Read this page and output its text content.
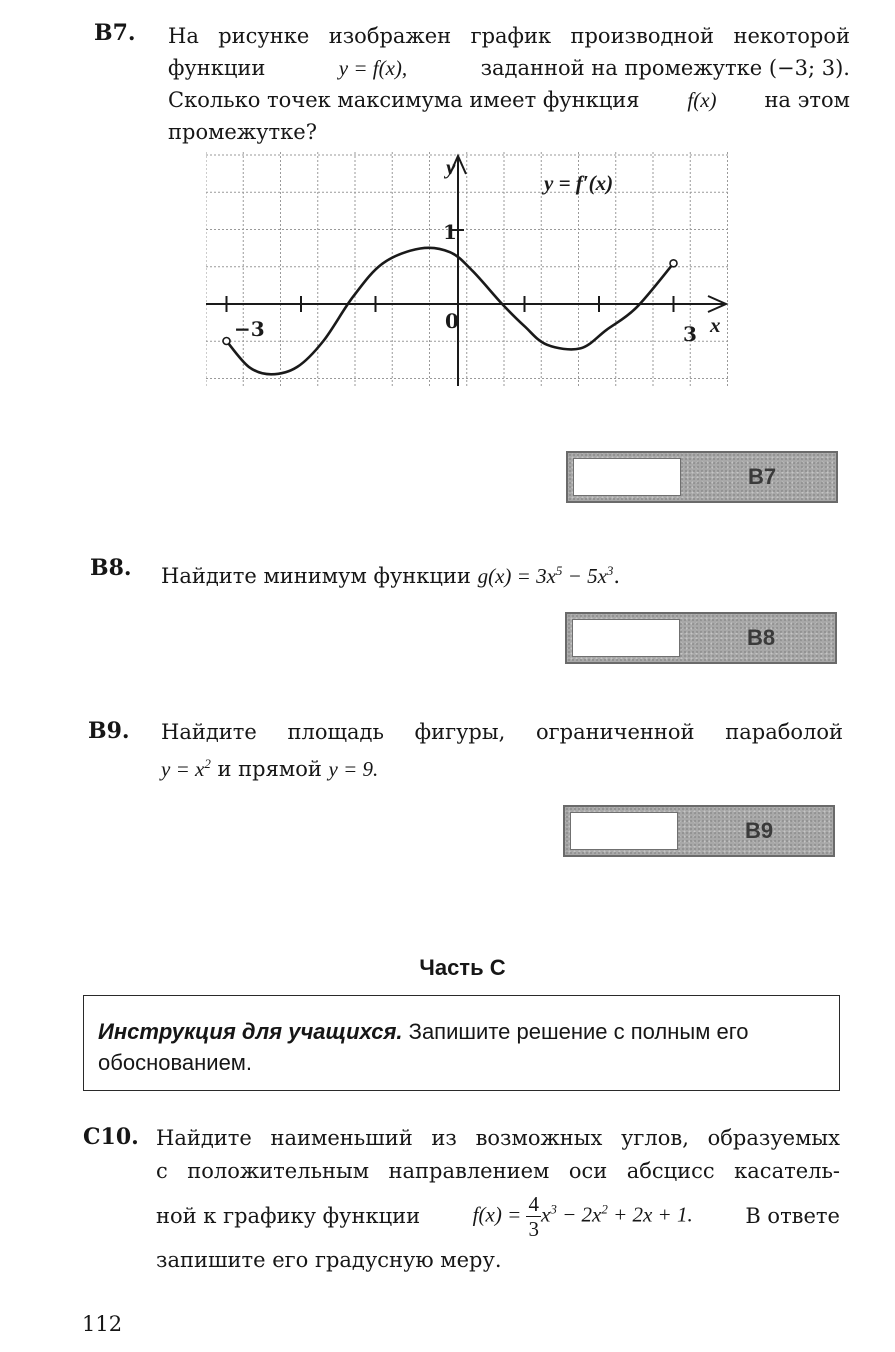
B7. На рисунке изображен график производной некоторой
функции	y = f(x),	заданной на промежутке (−3; 3).
Сколько точек максимума имеет функция f(x) на этом
промежутке?
y = f′(x)
y
x
−3	0
1
3
B7
B8. Найдите минимум функции $g(x) = 3x^5 - 5x^3$.
B8
B9. Найдите площадь фигуры, ограниченной параболой
$y = x^2$ и прямой y = 9.
B9
Часть С
Инструкция для учащихся. Запишите решение с полным его обоснованием.
C10. Найдите наименьший из возможных углов, образуемых
с положительным направлением оси абсцисс касатель-
ной к графику функции	$f(x) = \frac{4}{3} x^3 - 2x^2 + 2x + 1$.	В ответе
запишите его градусную меру.
112
